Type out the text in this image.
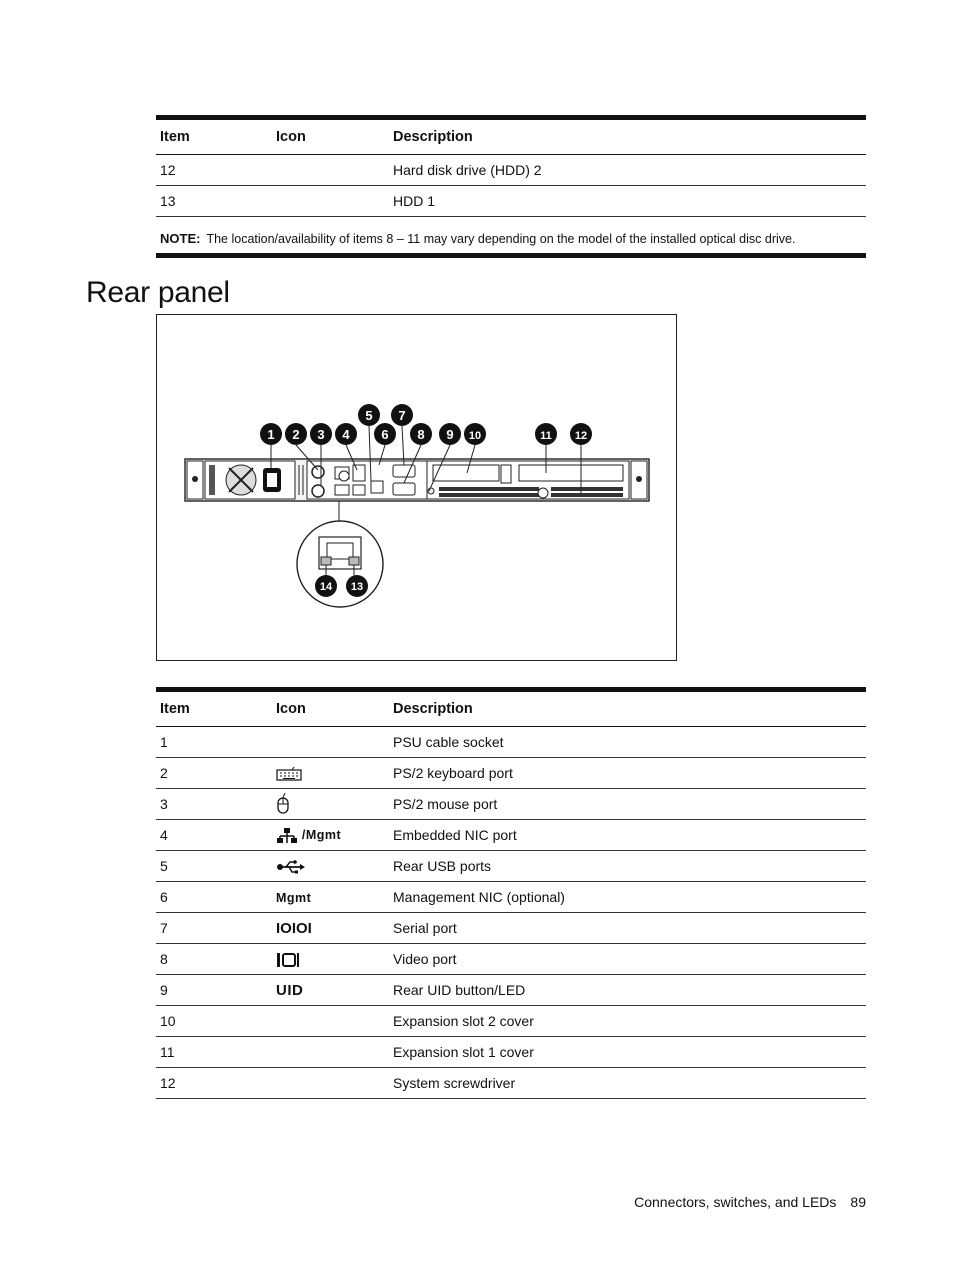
Item	Icon	Description
12		Hard disk drive (HDD) 2
13		HDD 1
NOTE: The location/availability of items 8 – 11 may vary depending on the model of the installed optical disc drive.
Rear panel
1 2 3 4
5
6
7
8 9 10	11 12
14 13
Item	Icon	Description
1		PSU cable socket
2		PS/2 keyboard port
3		PS/2 mouse port
4	/Mgmt	Embedded NIC port
5		Rear USB ports
6	Mgmt	Management NIC (optional)
7	IOIOI	Serial port
8		Video port
9	UID	Rear UID button/LED
10		Expansion slot 2 cover
11		Expansion slot 1 cover
12		System screwdriver
Connectors, switches, and LEDs 89
